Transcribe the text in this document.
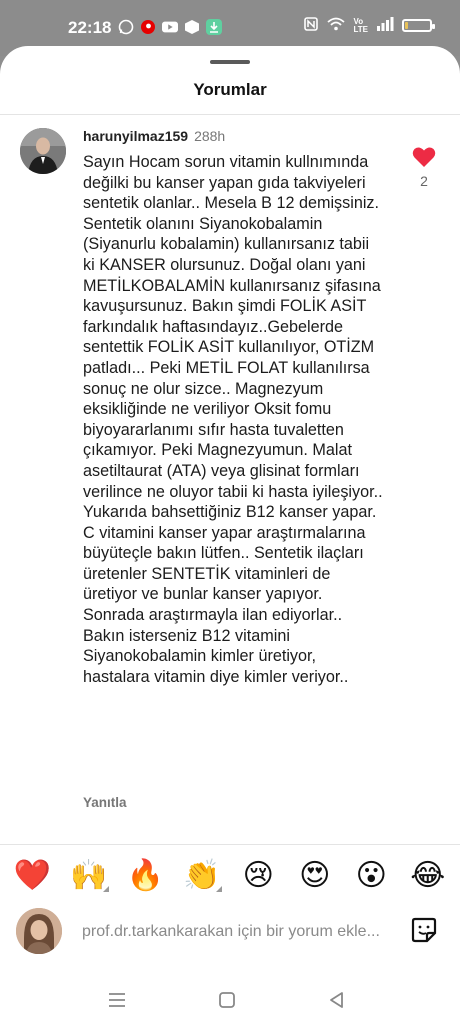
22:18	Vo
LTE
Yorumlar
harunyilmaz159 288h
Sayın Hocam sorun vitamin kullnımında değilki bu kanser yapan gıda takviyeleri sentetik olanlar.. Mesela B 12 demişsiniz. Sentetik olanını Siyanokobalamin (Siyanurlu kobalamin) kullanırsanız tabii ki KANSER olursunuz. Doğal olanı yani METİLKOBALAMİN kullanırsanız şifasına kavuşursunuz. Bakın şimdi FOLİK ASİT farkındalık haftasındayız..Gebelerde sentettik FOLİK ASİT kullanılıyor, OTİZM patladı... Peki METİL FOLAT kullanılırsa sonuç ne olur sizce.. Magnezyum eksikliğinde ne veriliyor Oksit fomu biyoyararlanımı sıfır hasta tuvaletten çıkamıyor. Peki Magnezyumun. Malat asetiltaurat (ATA) veya glisinat formları verilince ne oluyor tabii ki hasta iyileşiyor.. Yukarıda bahsettiğiniz B12 kanser yapar. C vitamini kanser yapar araştırmalarına büyüteçle bakın lütfen.. Sentetik ilaçları üretenler SENTETİK vitaminleri de üretiyor ve bunlar kanser yapıyor. Sonrada araştırmayla ilan ediyorlar.. Bakın isterseniz B12 vitamini Siyanokobalamin kimler üretiyor, hastalara vitamin diye kimler veriyor..
Yanıtla
2
❤️ 🙌 🔥 👏 😢 😍 😮 😂
prof.dr.tarkankarakan için bir yorum ekle...
